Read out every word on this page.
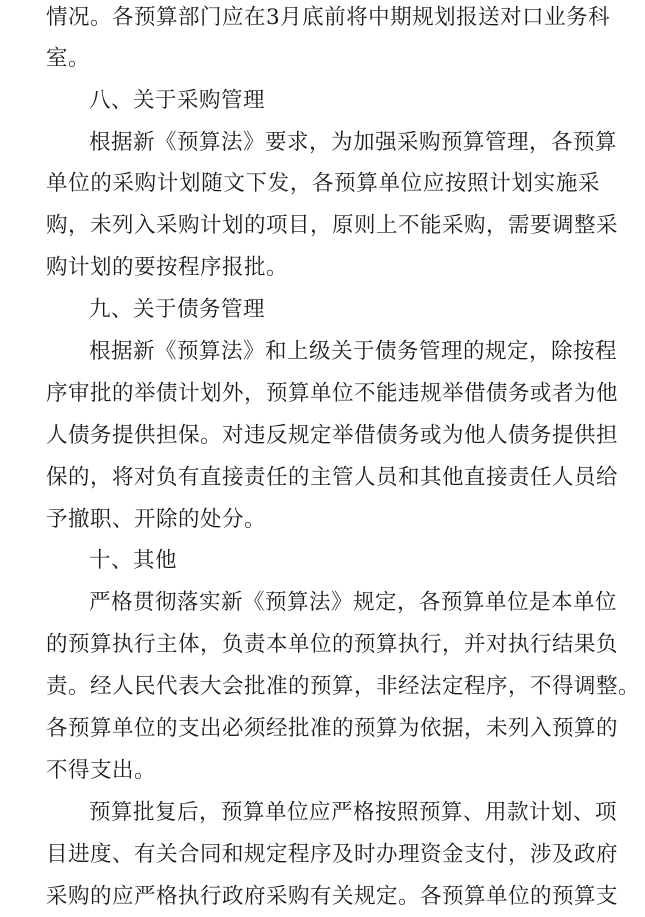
情况。各预算部门应在3月底前将中期规划报送对口业务科
室。
八、关于采购管理
根据新《预算法》要求，为加强采购预算管理，各预算
单位的采购计划随文下发，各预算单位应按照计划实施采
购，未列入采购计划的项目，原则上不能采购，需要调整采
购计划的要按程序报批。
九、关于债务管理
根据新《预算法》和上级关于债务管理的规定，除按程
序审批的举债计划外，预算单位不能违规举借债务或者为他
人债务提供担保。对违反规定举借债务或为他人债务提供担
保的，将对负有直接责任的主管人员和其他直接责任人员给
予撤职、开除的处分。
十、其他
严格贯彻落实新《预算法》规定，各预算单位是本单位
的预算执行主体，负责本单位的预算执行，并对执行结果负
责。经人民代表大会批准的预算，非经法定程序，不得调整。
各预算单位的支出必须经批准的预算为依据，未列入预算的
不得支出。
预算批复后，预算单位应严格按照预算、用款计划、项
目进度、有关合同和规定程序及时办理资金支付，涉及政府
采购的应严格执行政府采购有关规定。各预算单位的预算支
